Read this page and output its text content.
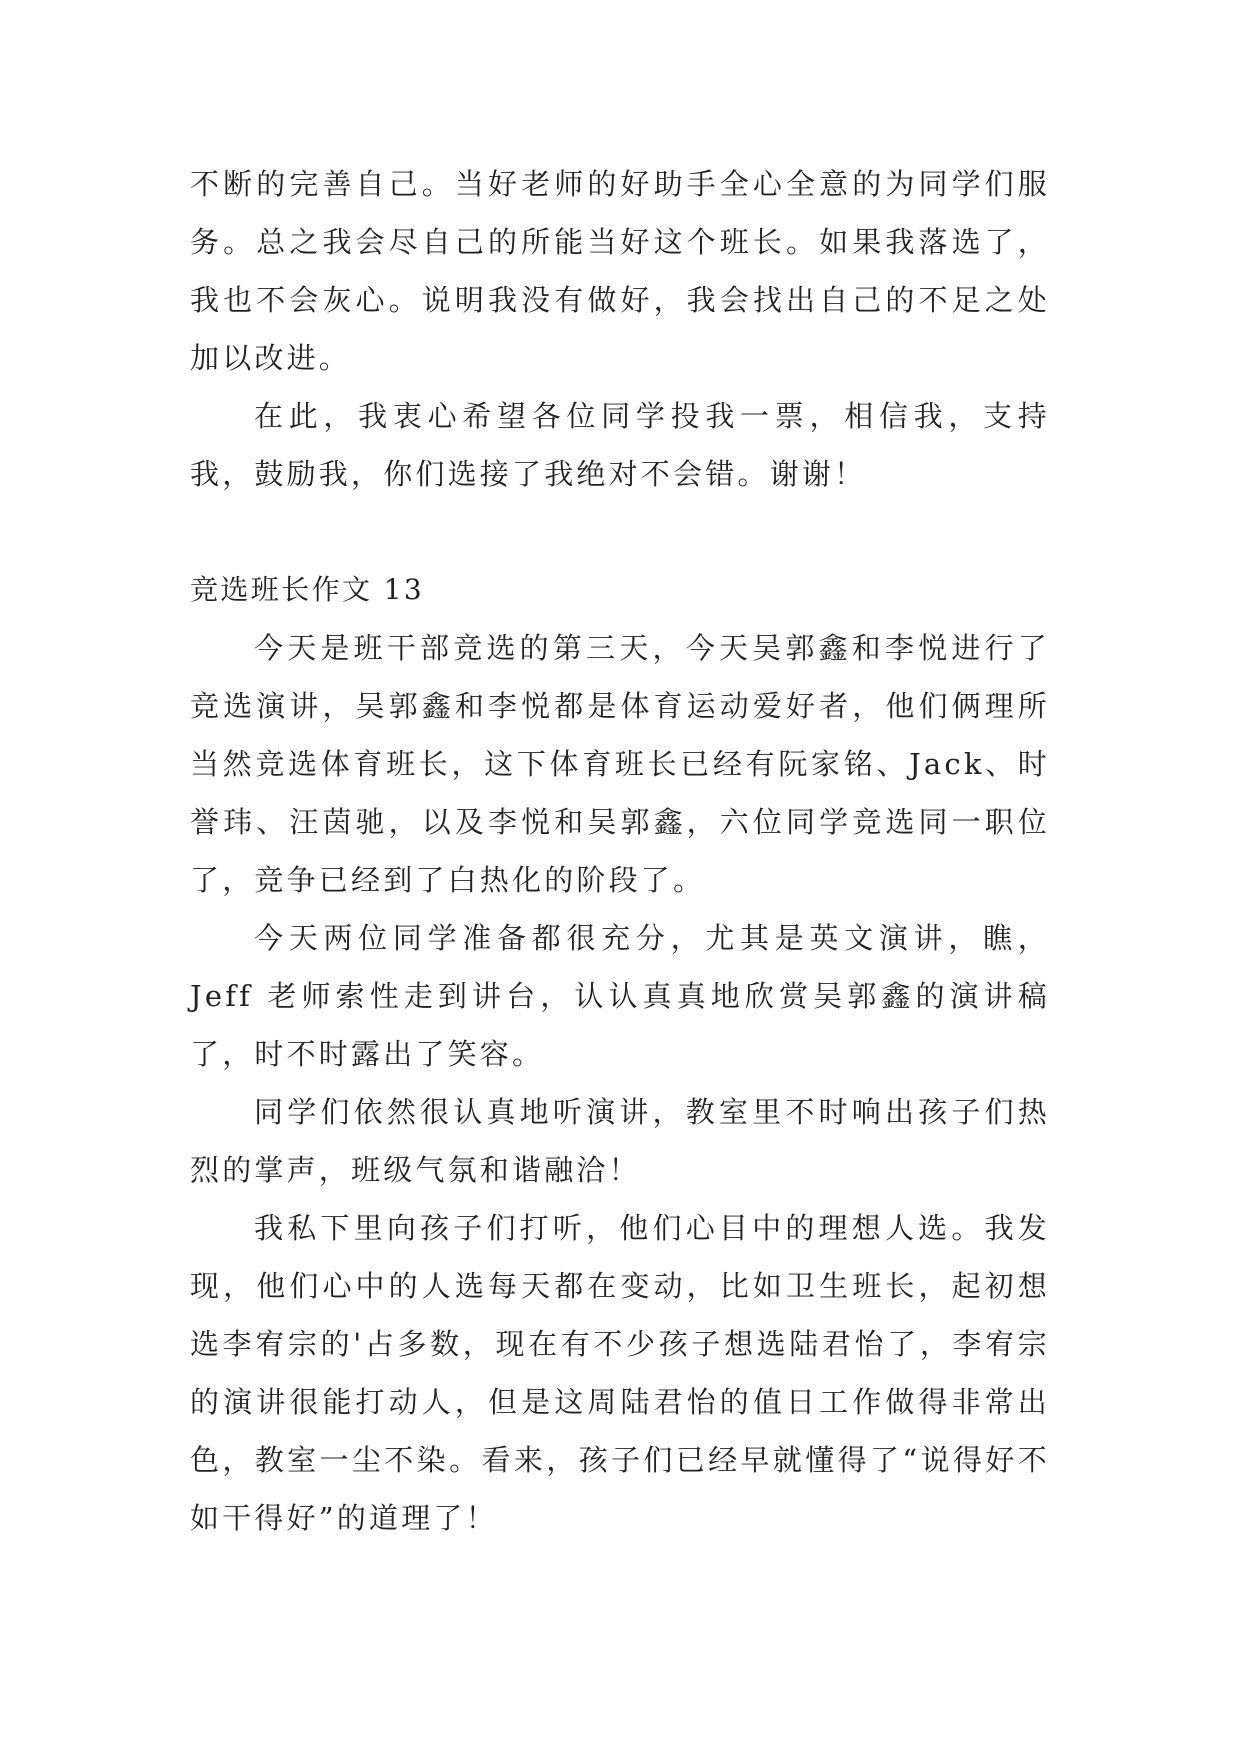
不断的完善自己。当好老师的好助手全心全意的为同学们服务。总之我会尽自己的所能当好这个班长。如果我落选了，我也不会灰心。说明我没有做好，我会找出自己的不足之处加以改进。

在此，我衷心希望各位同学投我一票，相信我，支持我，鼓励我，你们选接了我绝对不会错。谢谢！

竞选班长作文 13

今天是班干部竞选的第三天，今天吴郭鑫和李悦进行了竞选演讲，吴郭鑫和李悦都是体育运动爱好者，他们俩理所当然竞选体育班长，这下体育班长已经有阮家铭、Jack、时誉玮、汪茵驰，以及李悦和吴郭鑫，六位同学竞选同一职位了，竞争已经到了白热化的阶段了。

今天两位同学准备都很充分，尤其是英文演讲，瞧，Jeff 老师索性走到讲台，认认真真地欣赏吴郭鑫的演讲稿了，时不时露出了笑容。

同学们依然很认真地听演讲，教室里不时响出孩子们热烈的掌声，班级气氛和谐融洽！

我私下里向孩子们打听，他们心目中的理想人选。我发现，他们心中的人选每天都在变动，比如卫生班长，起初想选李宥宗的'占多数，现在有不少孩子想选陆君怡了，李宥宗的演讲很能打动人，但是这周陆君怡的值日工作做得非常出色，教室一尘不染。看来，孩子们已经早就懂得了“说得好不如干得好”的道理了！
